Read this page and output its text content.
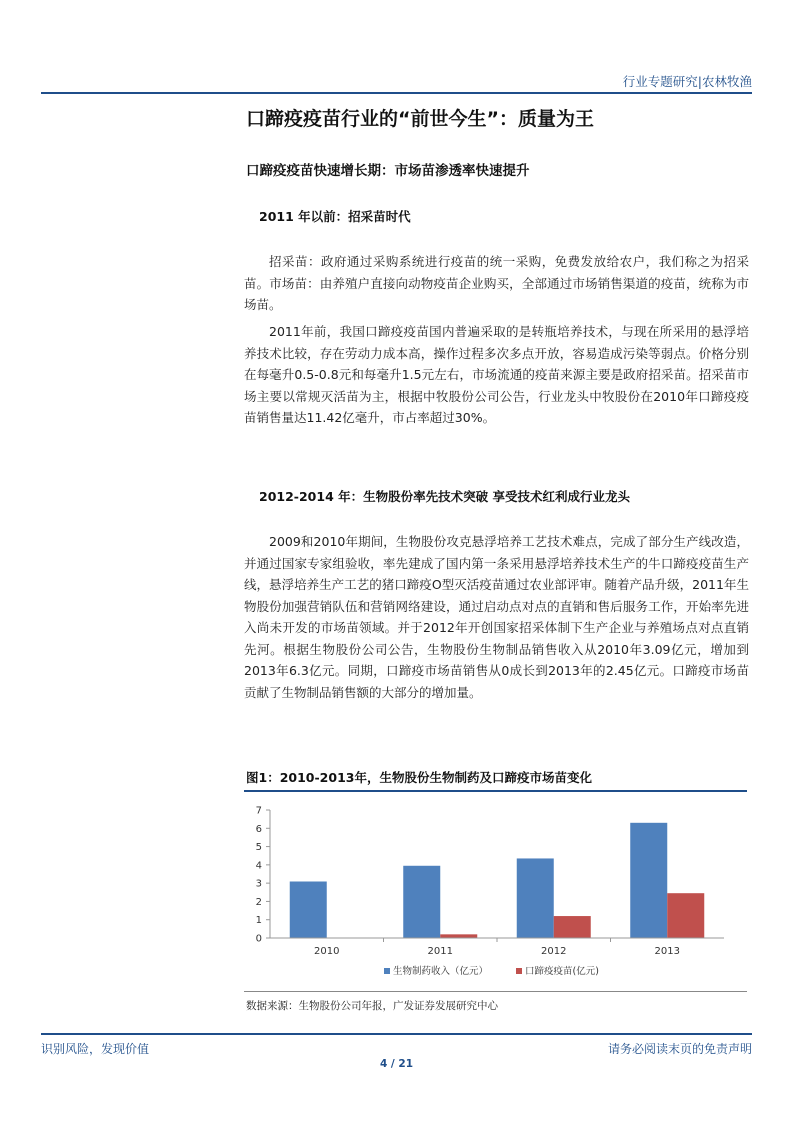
行业专题研究|农林牧渔
口蹄疫疫苗行业的“前世今生”：质量为王
口蹄疫疫苗快速增长期：市场苗渗透率快速提升
2011 年以前：招采苗时代

招采苗：政府通过采购系统进行疫苗的统一采购，免费发放给农户，我们称之为招采苗。市场苗：由养殖户直接向动物疫苗企业购买，全部通过市场销售渠道的疫苗，统称为市场苗。

2011年前，我国口蹄疫疫苗国内普遍采取的是转瓶培养技术，与现在所采用的悬浮培养技术比较，存在劳动力成本高，操作过程多次多点开放，容易造成污染等弱点。价格分别在每毫升0.5-0.8元和每毫升1.5元左右，市场流通的疫苗来源主要是政府招采苗。招采苗市场主要以常规灭活苗为主，根据中牧股份公司公告，行业龙头中牧股份在2010年口蹄疫疫苗销售量达11.42亿毫升，市占率超过30%。

2012-2014 年：生物股份率先技术突破 享受技术红利成行业龙头

2009和2010年期间，生物股份攻克悬浮培养工艺技术难点，完成了部分生产线改造，并通过国家专家组验收，率先建成了国内第一条采用悬浮培养技术生产的牛口蹄疫疫苗生产线，悬浮培养生产工艺的猪口蹄疫O型灭活疫苗通过农业部评审。随着产品升级，2011年生物股份加强营销队伍和营销网络建设，通过启动点对点的直销和售后服务工作，开始率先进入尚未开发的市场苗领域。并于2012年开创国家招采体制下生产企业与养殖场点对点直销先河。根据生物股份公司公告，生物股份生物制品销售收入从2010年3.09亿元，增加到2013年6.3亿元。同期，口蹄疫市场苗销售从0成长到2013年的2.45亿元。口蹄疫市场苗贡献了生物制品销售额的大部分的增加量。

图1：2010-2013年，生物股份生物制药及口蹄疫市场苗变化
0
1
2
3
4
5
6
7
2010	2011	2012	2013
生物制药收入（亿元）	口蹄疫疫苗(亿元)
数据来源：生物股份公司年报，广发证券发展研究中心
识别风险，发现价值	请务必阅读末页的免责声明
4 / 21
